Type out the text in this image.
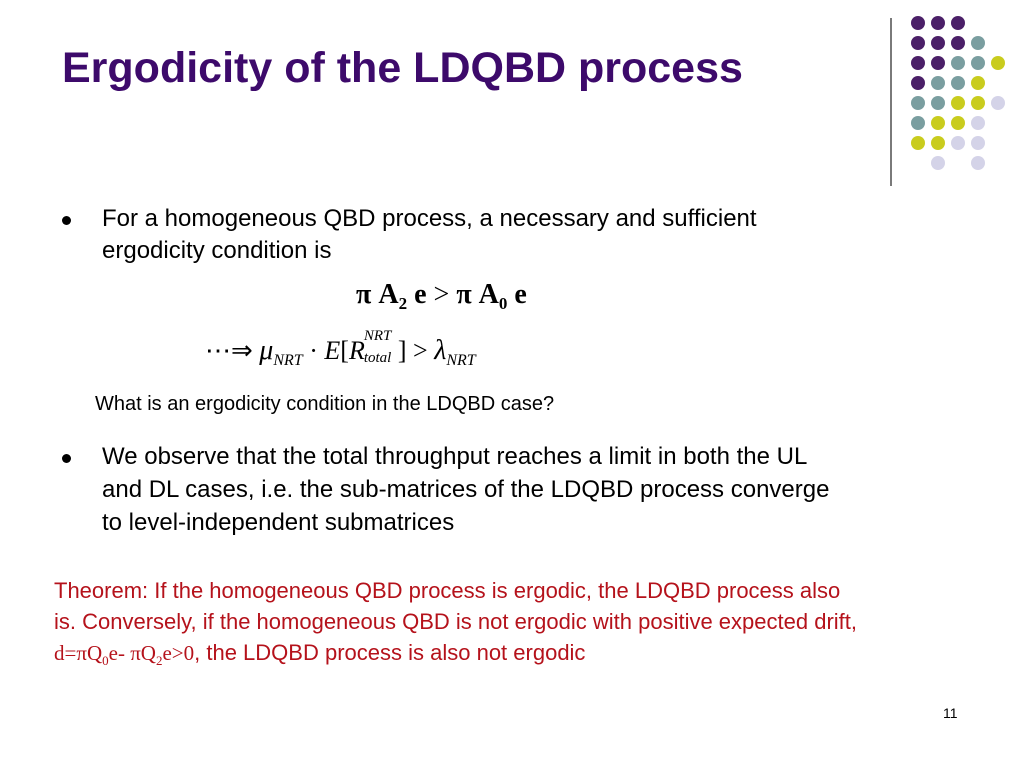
Ergodicity of the LDQBD process
For a homogeneous QBD process, a necessary and sufficient
ergodicity condition is
π $A_2$ e > π $A_0$ e
⋯⇒ $\mu_{NRT} \cdot E[R$ NRT
total ] > $\lambda_{NRT}$
What is an ergodicity condition in the LDQBD case?
We observe that the total throughput reaches a limit in both the UL
and DL cases, i.e. the sub-matrices of the LDQBD process converge
to level-independent submatrices
Theorem: If the homogeneous QBD process is ergodic, the LDQBD process also
is. Conversely, if the homogeneous QBD is not ergodic with positive expected drift,
$d=\pi Q_0e-$ $\pi Q_2e>0$, the LDQBD process is also not ergodic
11
